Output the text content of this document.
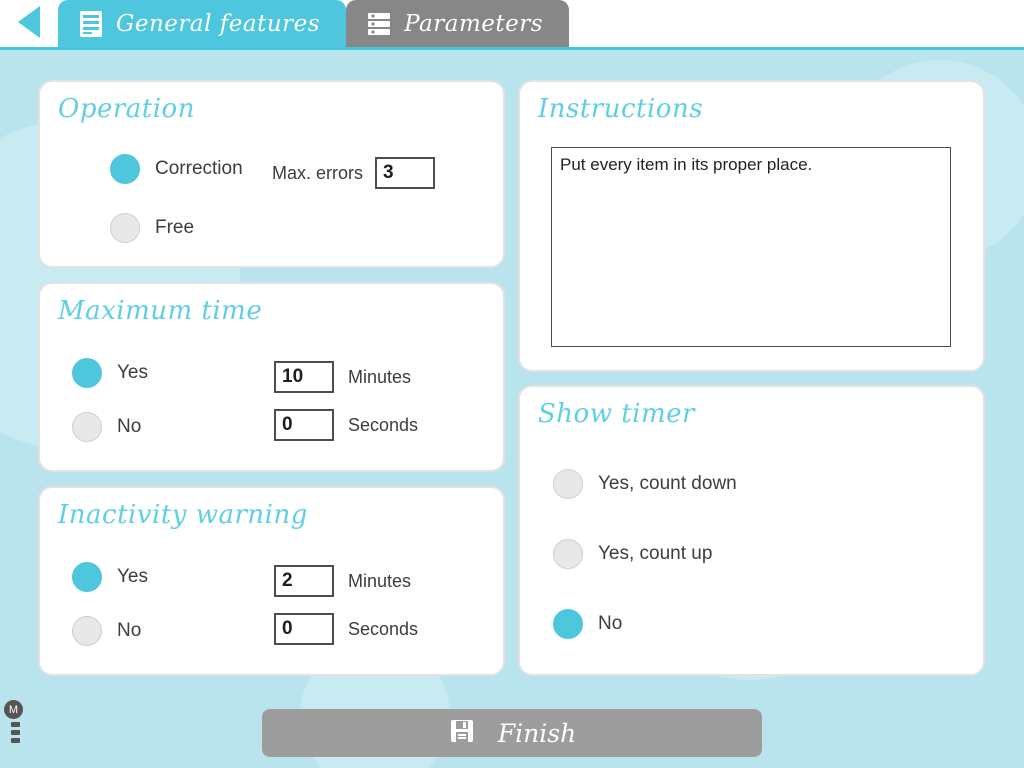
General features	Parameters
Operation
Correction
Free
Max. errors
3
Maximum time
Yes
No
10
Minutes
0
Seconds
Inactivity warning
Yes
No
2
Minutes
0
Seconds
Instructions
Put every item in its proper place.
Show timer
Yes, count down
Yes, count up
No
Finish
M
